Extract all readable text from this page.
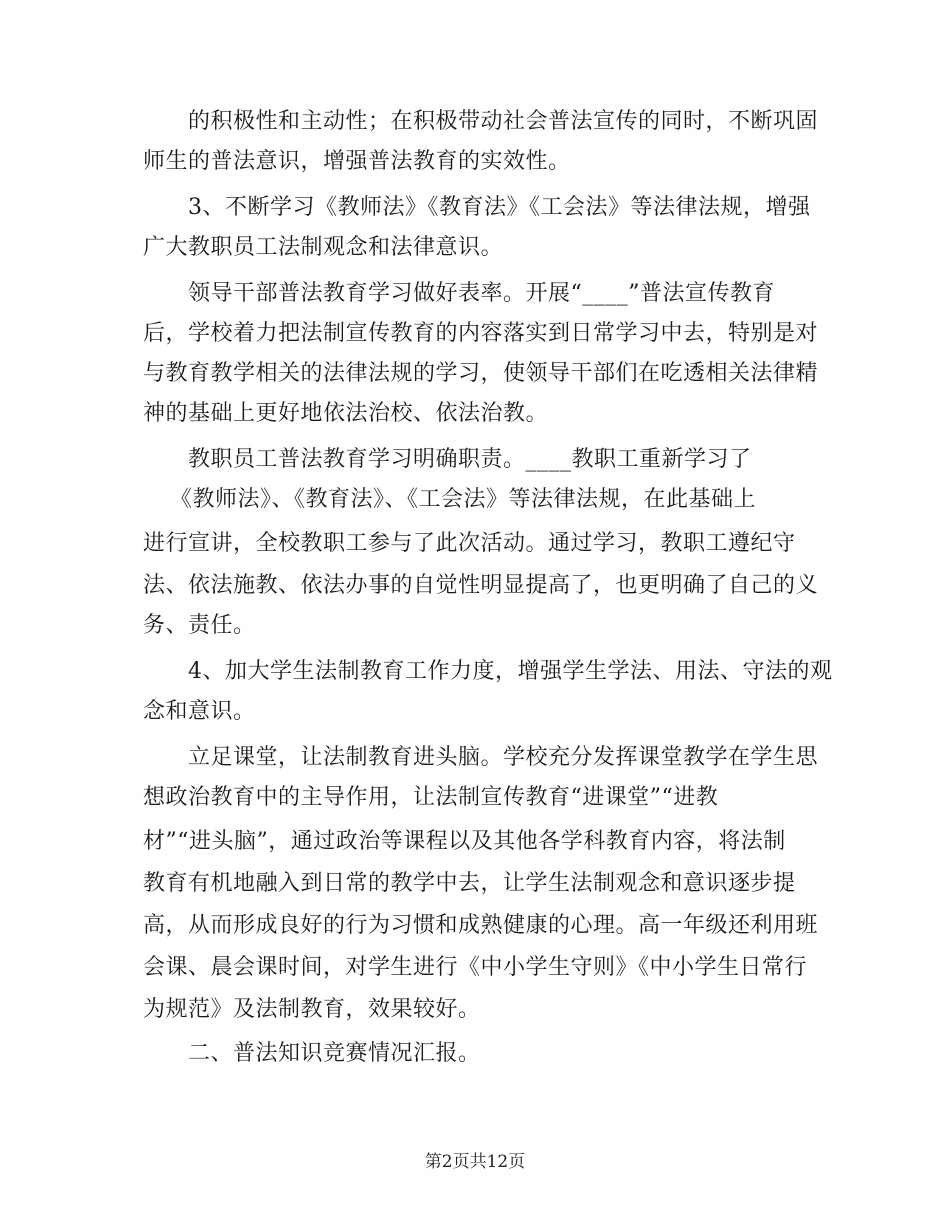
的积极性和主动性；在积极带动社会普法宣传的同时，不断巩固
师生的普法意识，增强普法教育的实效性。
3、不断学习《教师法》《教育法》《工会法》等法律法规，增强
广大教职员工法制观念和法律意识。
领导干部普法教育学习做好表率。开展“____”普法宣传教育
后，学校着力把法制宣传教育的内容落实到日常学习中去，特别是对
与教育教学相关的法律法规的学习，使领导干部们在吃透相关法律精
神的基础上更好地依法治校、依法治教。
教职员工普法教育学习明确职责。____教职工重新学习了
《教师法》、《教育法》、《工会法》等法律法规，在此基础上
进行宣讲，全校教职工参与了此次活动。通过学习，教职工遵纪守
法、依法施教、依法办事的自觉性明显提高了，也更明确了自己的义
务、责任。
4、加大学生法制教育工作力度，增强学生学法、用法、守法的观
念和意识。
立足课堂，让法制教育进头脑。学校充分发挥课堂教学在学生思
想政治教育中的主导作用，让法制宣传教育“进课堂”“进教
材”“进头脑”，通过政治等课程以及其他各学科教育内容，将法制
教育有机地融入到日常的教学中去，让学生法制观念和意识逐步提
高，从而形成良好的行为习惯和成熟健康的心理。高一年级还利用班
会课、晨会课时间，对学生进行《中小学生守则》《中小学生日常行
为规范》及法制教育，效果较好。
二、普法知识竞赛情况汇报。
第2页共12页
